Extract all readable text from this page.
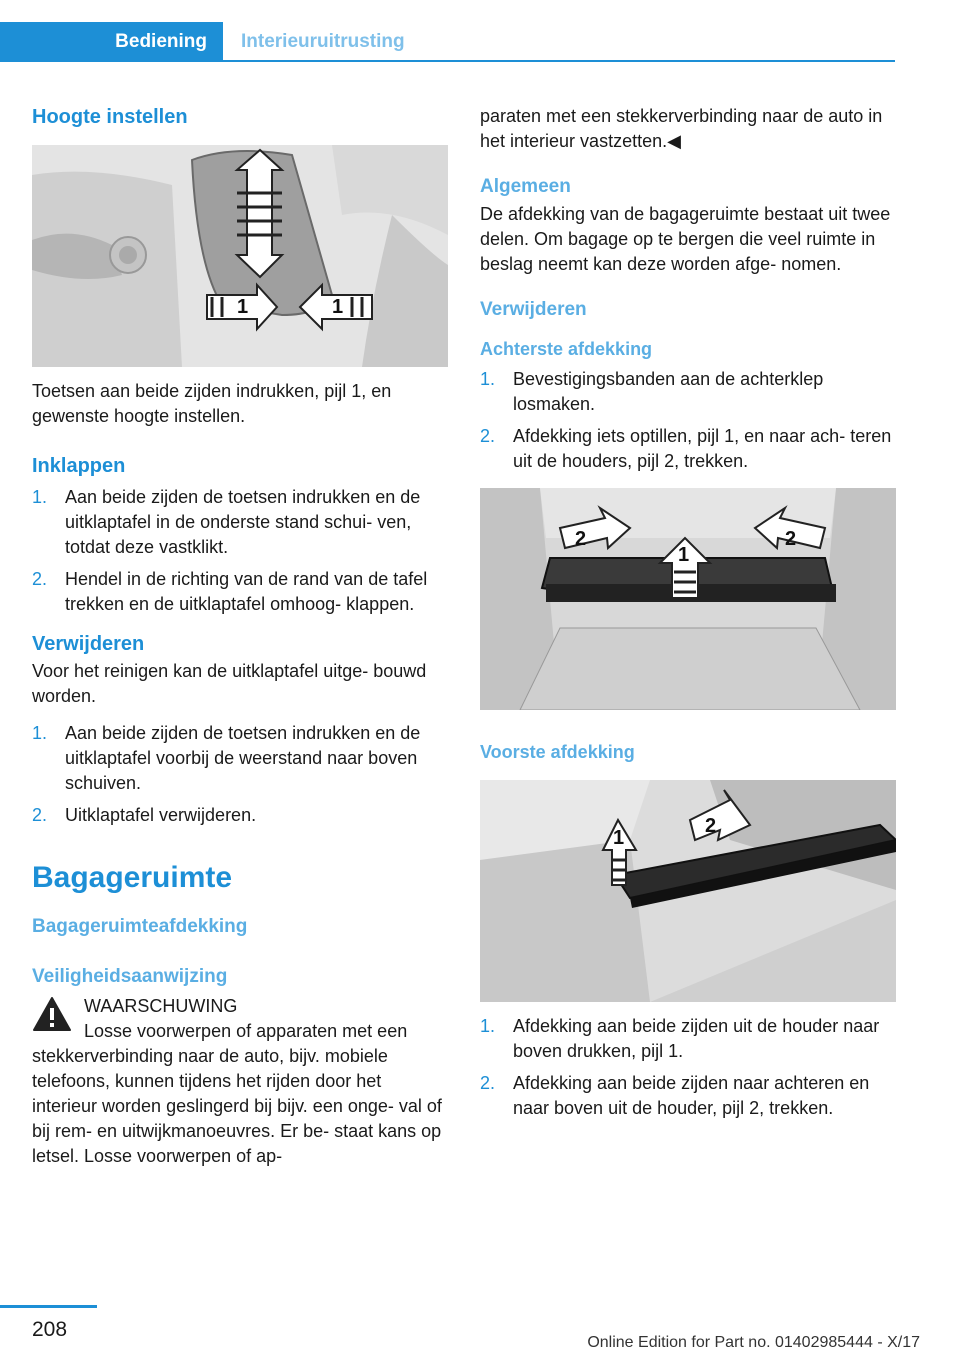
Bediening	Interieuruitrusting
Hoogte instellen
1	1

Toetsen aan beide zijden indrukken, pijl 1, en gewenste hoogte instellen.

Inklappen
1. Aan beide zijden de toetsen indrukken en de uitklaptafel in de onderste stand schui‐ ven, totdat deze vastklikt.
2. Hendel in de richting van de rand van de tafel trekken en de uitklaptafel omhoog‐ klappen.
Verwijderen

Voor het reinigen kan de uitklaptafel uitge‐ bouwd worden.

1. Aan beide zijden de toetsen indrukken en de uitklaptafel voorbij de weerstand naar boven schuiven.
2. Uitklaptafel verwijderen.
Bagageruimte
Bagageruimteafdekking
Veiligheidsaanwijzing

WAARSCHUWING

Losse voorwerpen of apparaten met een stekkerverbinding naar de auto, bijv. mobiele telefoons, kunnen tijdens het rijden door het interieur worden geslingerd bij bijv. een onge‐ val of bij rem- en uitwijkmanoeuvres. Er be‐ staat kans op letsel. Losse voorwerpen of ap‐

paraten met een stekkerverbinding naar de auto in het interieur vastzetten.◀

Algemeen

De afdekking van de bagageruimte bestaat uit twee delen. Om bagage op te bergen die veel ruimte in beslag neemt kan deze worden afge‐ nomen.

Verwijderen
Achterste afdekking
1. Bevestigingsbanden aan de achterklep losmaken.
2. Afdekking iets optillen, pijl 1, en naar ach‐ teren uit de houders, pijl 2, trekken.
2
1
2
Voorste afdekking
1
2
1. Afdekking aan beide zijden uit de houder naar boven drukken, pijl 1.
2. Afdekking aan beide zijden naar achteren en naar boven uit de houder, pijl 2, trekken.
208
Online Edition for Part no. 01402985444 - X/17
